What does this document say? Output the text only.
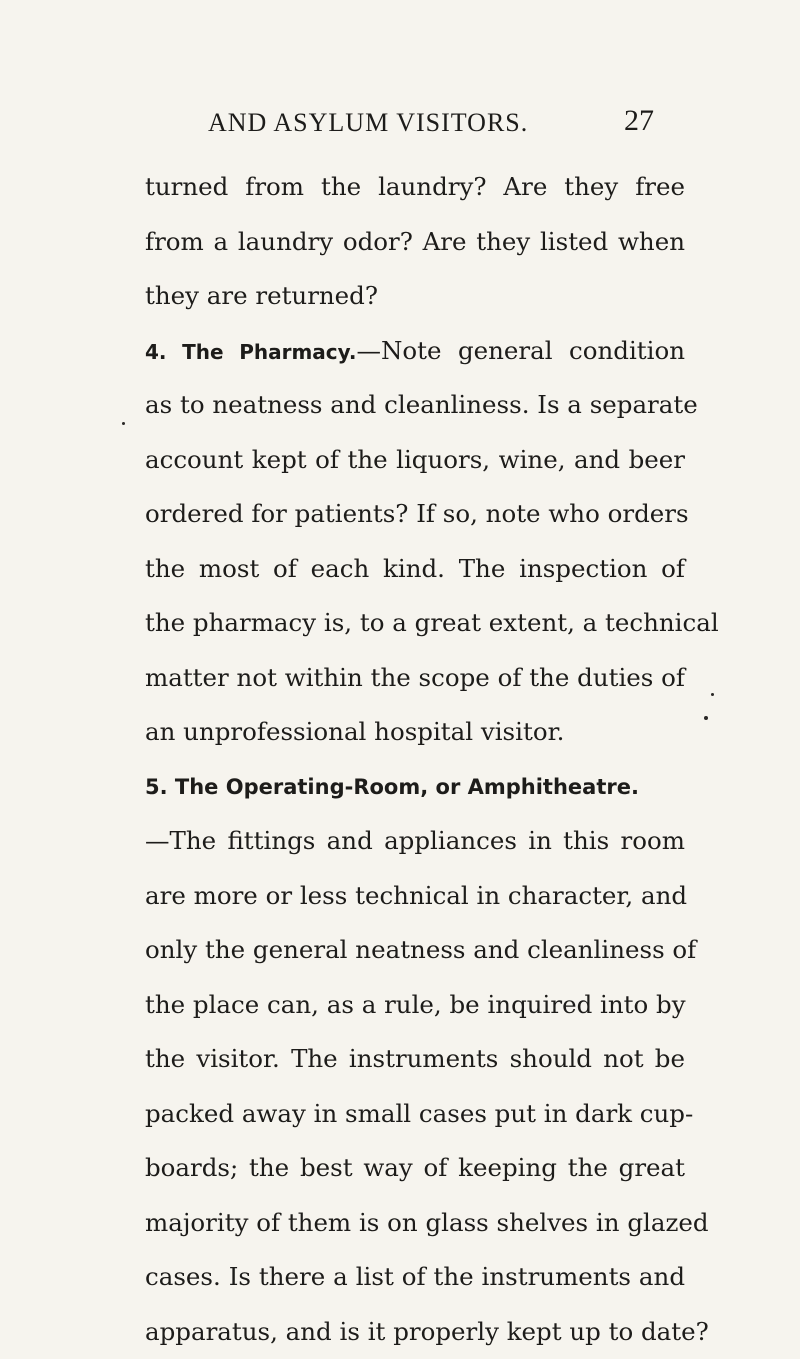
AND ASYLUM VISITORS.	27
turned from the laundry? Are they free
from a laundry odor? Are they listed when
they are returned?
4. The Pharmacy.—Note general condition
as to neatness and cleanliness. Is a separate
account kept of the liquors, wine, and beer
ordered for patients? If so, note who orders
the most of each kind. The inspection of
the pharmacy is, to a great extent, a technical
matter not within the scope of the duties of
an unprofessional hospital visitor.
5. The Operating-Room, or Amphitheatre.
—The fittings and appliances in this room
are more or less technical in character, and
only the general neatness and cleanliness of
the place can, as a rule, be inquired into by
the visitor. The instruments should not be
packed away in small cases put in dark cup-
boards; the best way of keeping the great
majority of them is on glass shelves in glazed
cases. Is there a list of the instruments and
apparatus, and is it properly kept up to date?
